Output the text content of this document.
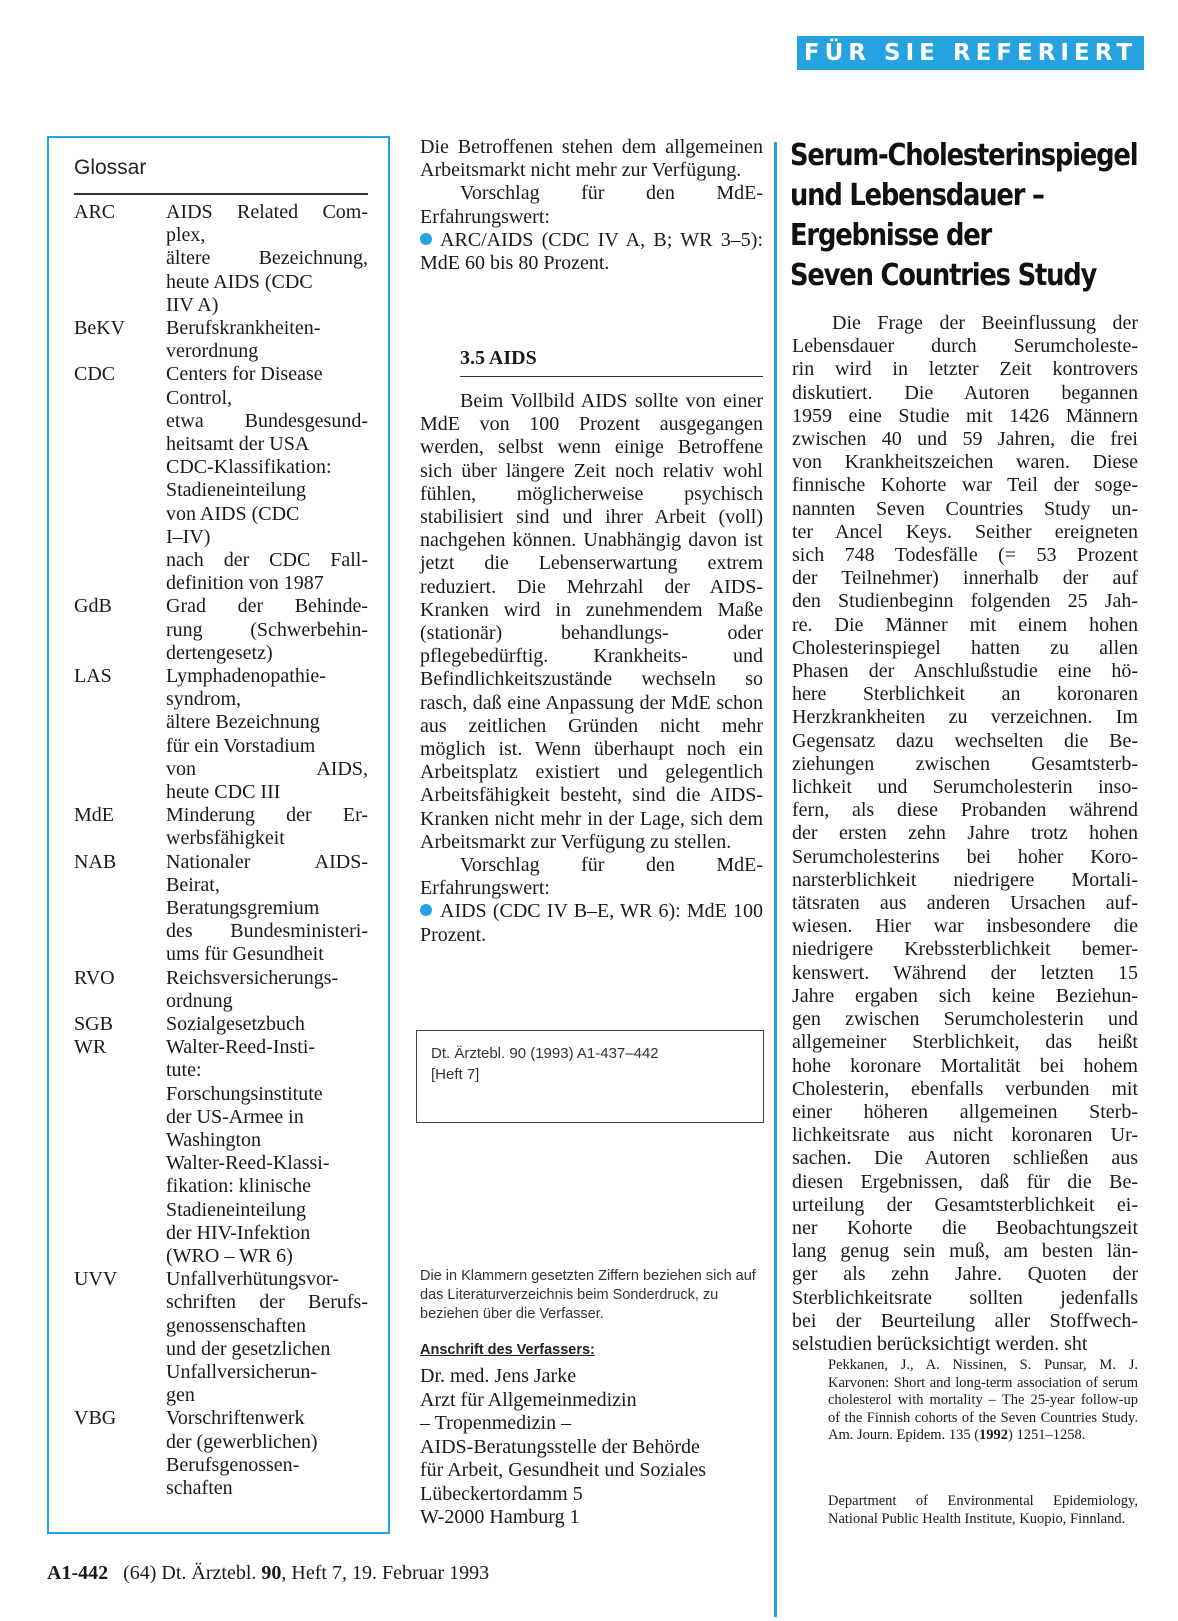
FÜR SIE REFERIERT
Glossar
ARC	AIDS Related Com-
plex,
ältere Bezeichnung,
heute AIDS (CDC
IIV A)
BeKV Berufskrankheiten-
verordnung
CDC	Centers for Disease
Control,
etwa Bundesgesund-
heitsamt der USA
CDC-Klassifikation:
Stadieneinteilung
von AIDS (CDC
I–IV)
nach der CDC Fall-
definition von 1987
GdB	Grad der Behinde-
rung (Schwerbehin-
dertengesetz)
LAS	Lymphadenopathie-
syndrom,
ältere Bezeichnung
für ein Vorstadium
von AIDS,
heute CDC III
MdE	Minderung der Er-
werbsfähigkeit
NAB Nationaler AIDS-
Beirat,
Beratungsgremium
des Bundesministeri-
ums für Gesundheit
RVO	Reichsversicherungs-
ordnung
SGB	Sozialgesetzbuch
WR	Walter-Reed-Insti-
tute:
Forschungsinstitute
der US-Armee in
Washington
Walter-Reed-Klassi-
fikation: klinische
Stadieneinteilung
der HIV-Infektion
(WRO – WR 6)
UVV Unfallverhütungsvor-
schriften der Berufs-
genossenschaften
und der gesetzlichen
Unfallversicherun-
gen
VBG Vorschriftenwerk
der (gewerblichen)
Berufsgenossen-
schaften

Die Betroffenen stehen dem allgemeinen Arbeitsmarkt nicht mehr zur Verfügung.

Vorschlag für den MdE-Erfahrungswert:

ARC/AIDS (CDC IV A, B; WR 3–5): MdE 60 bis 80 Prozent.

3.5 AIDS

Beim Vollbild AIDS sollte von einer MdE von 100 Prozent ausgegangen werden, selbst wenn einige Betroffene sich über längere Zeit noch relativ wohl fühlen, möglicherweise psychisch stabilisiert sind und ihrer Arbeit (voll) nachgehen können. Unabhängig davon ist jetzt die Lebenserwartung extrem reduziert. Die Mehrzahl der AIDS-Kranken wird in zunehmendem Maße (stationär) behandlungs- oder pflegebedürftig. Krankheits- und Befindlichkeitszustände wechseln so rasch, daß eine Anpassung der MdE schon aus zeitlichen Gründen nicht mehr möglich ist. Wenn überhaupt noch ein Arbeitsplatz existiert und gelegentlich Arbeitsfähigkeit besteht, sind die AIDS-Kranken nicht mehr in der Lage, sich dem Arbeitsmarkt zur Verfügung zu stellen.

Vorschlag für den MdE-Erfahrungswert:

AIDS (CDC IV B–E, WR 6): MdE 100 Prozent.

Dt. Ärztebl. 90 (1993) A1-437–442
[Heft 7]
Die in Klammern gesetzten Ziffern beziehen sich auf das Literaturverzeichnis beim Sonderdruck, zu beziehen über die Verfasser.
Anschrift des Verfassers:
Dr. med. Jens Jarke
Arzt für Allgemeinmedizin
– Tropenmedizin –
AIDS-Beratungsstelle der Behörde
für Arbeit, Gesundheit und Soziales
Lübeckertordamm 5
W-2000 Hamburg 1
Serum-Cholesterinspiegel
und Lebensdauer –
Ergebnisse der
Seven Countries Study
Die Frage der Beeinflussung der
Lebensdauer durch Serumcholeste-
rin wird in letzter Zeit kontrovers
diskutiert. Die Autoren begannen
1959 eine Studie mit 1426 Männern
zwischen 40 und 59 Jahren, die frei
von Krankheitszeichen waren. Diese
finnische Kohorte war Teil der soge-
nannten Seven Countries Study un-
ter Ancel Keys. Seither ereigneten
sich 748 Todesfälle (= 53 Prozent
der Teilnehmer) innerhalb der auf
den Studienbeginn folgenden 25 Jah-
re. Die Männer mit einem hohen
Cholesterinspiegel hatten zu allen
Phasen der Anschlußstudie eine hö-
here Sterblichkeit an koronaren
Herzkrankheiten zu verzeichnen. Im
Gegensatz dazu wechselten die Be-
ziehungen zwischen Gesamtsterb-
lichkeit und Serumcholesterin inso-
fern, als diese Probanden während
der ersten zehn Jahre trotz hohen
Serumcholesterins bei hoher Koro-
narsterblichkeit niedrigere Mortali-
tätsraten aus anderen Ursachen auf-
wiesen. Hier war insbesondere die
niedrigere Krebssterblichkeit bemer-
kenswert. Während der letzten 15
Jahre ergaben sich keine Beziehun-
gen zwischen Serumcholesterin und
allgemeiner Sterblichkeit, das heißt
hohe koronare Mortalität bei hohem
Cholesterin, ebenfalls verbunden mit
einer höheren allgemeinen Sterb-
lichkeitsrate aus nicht koronaren Ur-
sachen. Die Autoren schließen aus
diesen Ergebnissen, daß für die Be-
urteilung der Gesamtsterblichkeit ei-
ner Kohorte die Beobachtungszeit
lang genug sein muß, am besten län-
ger als zehn Jahre. Quoten der
Sterblichkeitsrate sollten jedenfalls
bei der Beurteilung aller Stoffwech-
selstudien berücksichtigt werden. sht
Pekkanen, J., A. Nissinen, S. Punsar, M. J. Karvonen: Short and long-term association of serum cholesterol with mortality – The 25-year follow-up of the Finnish cohorts of the Seven Countries Study. Am. Journ. Epidem. 135 (1992) 1251–1258.
Department of Environmental Epidemiology, National Public Health Institute, Kuopio, Finnland.
A1-442 (64) Dt. Ärztebl. 90, Heft 7, 19. Februar 1993
